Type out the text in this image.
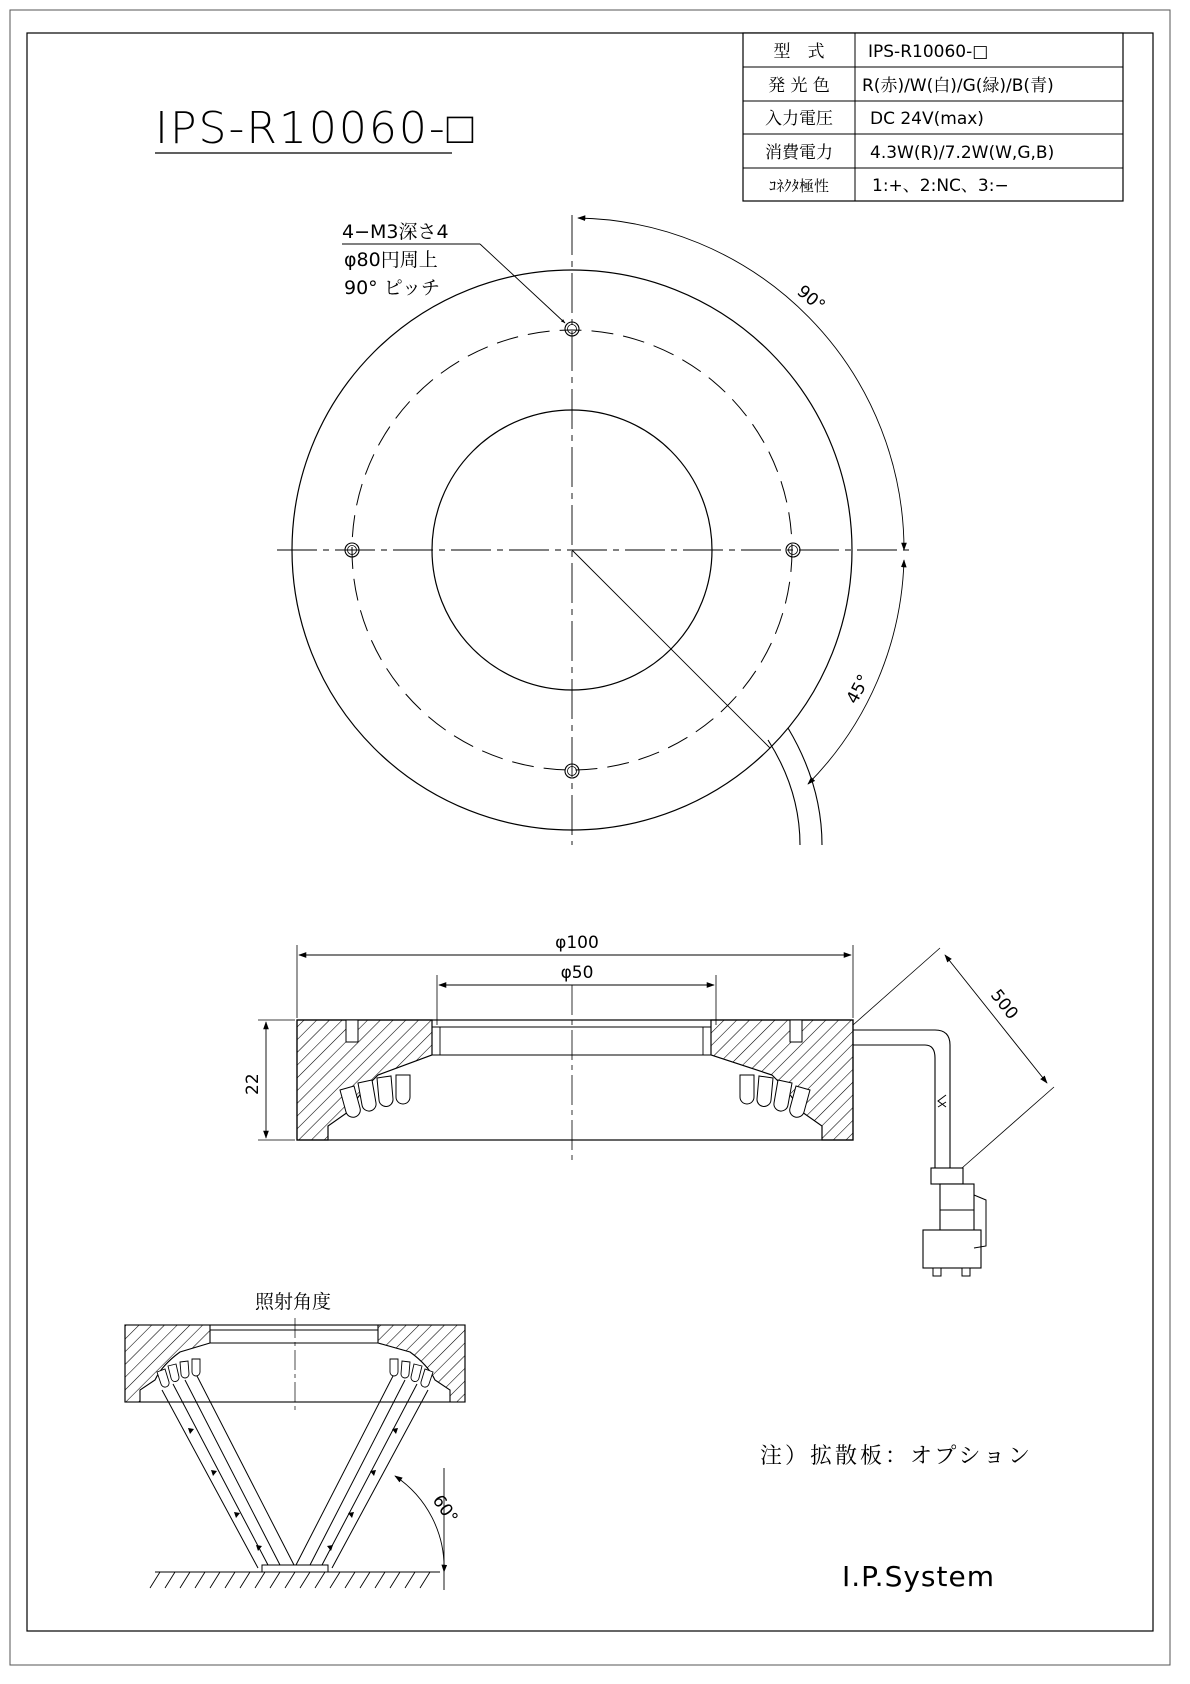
型　式	IPS-R10060-□
発 光 色 R(赤)/W(白)/G(緑)/B(青)
入力電圧 DC 24V(max)
消費電力 4.3W(R)/7.2W(W,G,B)
ｺﾈｸﾀ極性	1:+、2:NC、3:−
IPS-R10060-□
4−M3深さ4
φ80円周上
90° ピッチ	90°
45°
φ100
φ50
22
500
照射角度
60°
注）拡散板：オプション
I.P.System
